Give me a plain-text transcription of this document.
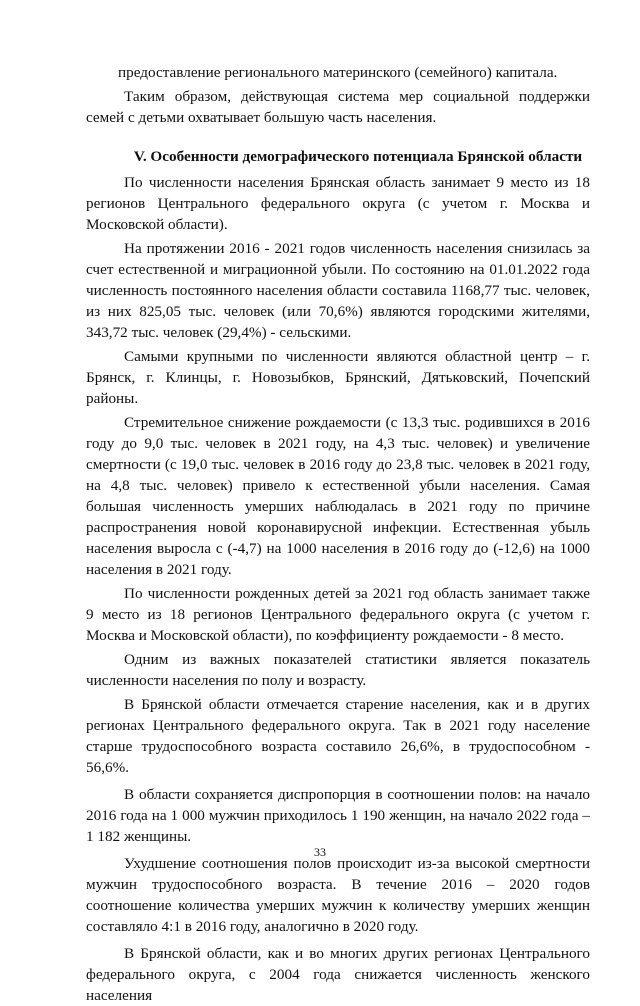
предоставление регионального материнского (семейного) капитала.

Таким образом, действующая система мер социальной поддержки семей с детьми охватывает большую часть населения.

V. Особенности демографического потенциала Брянской области

По численности населения Брянская область занимает 9 место из 18 регионов Центрального федерального округа (с учетом г. Москва и Московской области).

На протяжении 2016 - 2021 годов численность населения снизилась за счет естественной и миграционной убыли. По состоянию на 01.01.2022 года численность постоянного населения области составила 1168,77 тыс. человек, из них 825,05 тыс. человек (или 70,6%) являются городскими жителями, 343,72 тыс. человек (29,4%) - сельскими.

Самыми крупными по численности являются областной центр – г. Брянск, г. Клинцы, г. Новозыбков, Брянский, Дятьковский, Почепский районы.

Стремительное снижение рождаемости (с 13,3 тыс. родившихся в 2016 году до 9,0 тыс. человек в 2021 году, на 4,3 тыс. человек) и увеличение смертности (с 19,0 тыс. человек в 2016 году до 23,8 тыс. человек в 2021 году, на 4,8 тыс. человек) привело к естественной убыли населения. Самая большая численность умерших наблюдалась в 2021 году по причине распространения новой коронавирусной инфекции. Естественная убыль населения выросла с (-4,7) на 1000 населения в 2016 году до (-12,6) на 1000 населения в 2021 году.

По численности рожденных детей за 2021 год область занимает также 9 место из 18 регионов Центрального федерального округа (с учетом г. Москва и Московской области), по коэффициенту рождаемости - 8 место.

Одним из важных показателей статистики является показатель численности населения по полу и возрасту.

В Брянской области отмечается старение населения, как и в других регионах Центрального федерального округа. Так в 2021 году население старше трудоспособного возраста составило 26,6%, в трудоспособном - 56,6%.

В области сохраняется диспропорция в соотношении полов: на начало 2016 года на 1 000 мужчин приходилось 1 190 женщин, на начало 2022 года – 1 182 женщины.

Ухудшение соотношения полов происходит из-за высокой смертности мужчин трудоспособного возраста. В течение 2016 – 2020 годов соотношение количества умерших мужчин к количеству умерших женщин составляло 4:1 в 2016 году, аналогично в 2020 году.

В Брянской области, как и во многих других регионах Центрального федерального округа, с 2004 года снижается численность женского населения

33
